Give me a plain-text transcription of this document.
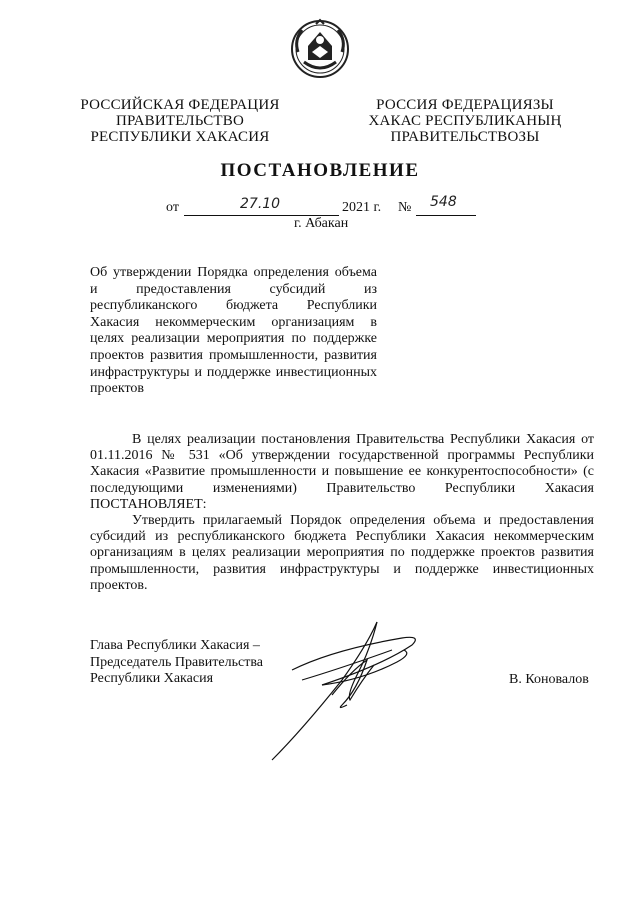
РОССИЙСКАЯ ФЕДЕРАЦИЯ
ПРАВИТЕЛЬСТВО
РЕСПУБЛИКИ ХАКАСИЯ
РОССИЯ ФЕДЕРАЦИЯЗЫ
ХАКАС РЕСПУБЛИКАНЫҢ
ПРАВИТЕЛЬСТВОЗЫ
ПОСТАНОВЛЕНИЕ
от	27.10	2021 г. № 548
г. Абакан
Об утверждении Порядка определения объема и предоставления субсидий из республиканского бюджета Республики Хакасия некоммерческим организациям в целях реализации мероприятия по поддержке проектов развития промышленности, развития инфраструктуры и поддержке инвестиционных проектов

В целях реализации постановления Правительства Республики Хакасия от 01.11.2016 № 531 «Об утверждении государственной программы Республики Хакасия «Развитие промышленности и повышение ее конкурентоспособности» (с последующими изменениями) Правительство Республики Хакасия ПОСТАНОВЛЯЕТ:

Утвердить прилагаемый Порядок определения объема и предоставления субсидий из республиканского бюджета Республики Хакасия некоммерческим организациям в целях реализации мероприятия по поддержке проектов развития промышленности, развития инфраструктуры и поддержке инвестиционных проектов.

Глава Республики Хакасия –
Председатель Правительства
Республики Хакасия	В. Коновалов
